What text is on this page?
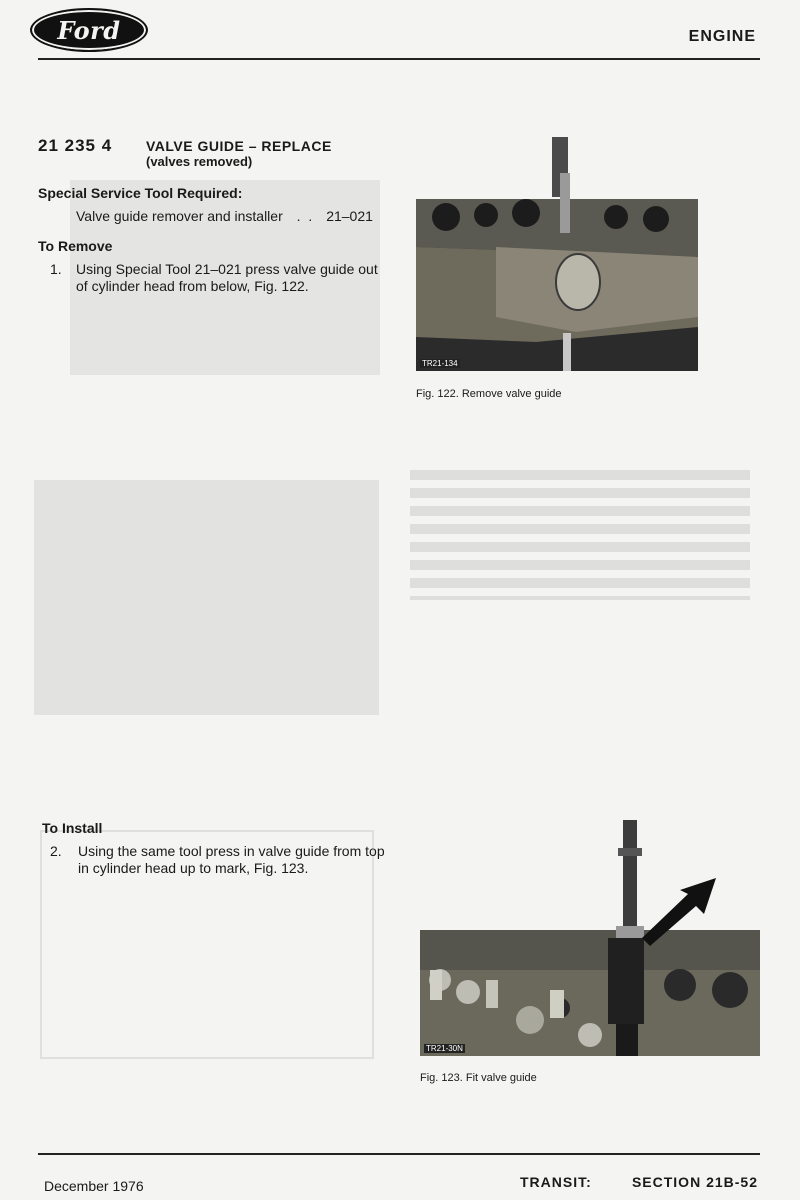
Ford	ENGINE
21 235 4 VALVE GUIDE – REPLACE
(valves removed)
Special Service Tool Required:
Valve guide remover and installer . . 21–021
To Remove
1. Using Special Tool 21–021 press valve guide out of cylinder head from below, Fig. 122.
TR21-134
Fig. 122. Remove valve guide
To Install
2. Using the same tool press in valve guide from top in cylinder head up to mark, Fig. 123.
TR21-30N
Fig. 123. Fit valve guide
December 1976	TRANSIT:	SECTION 21B-52
